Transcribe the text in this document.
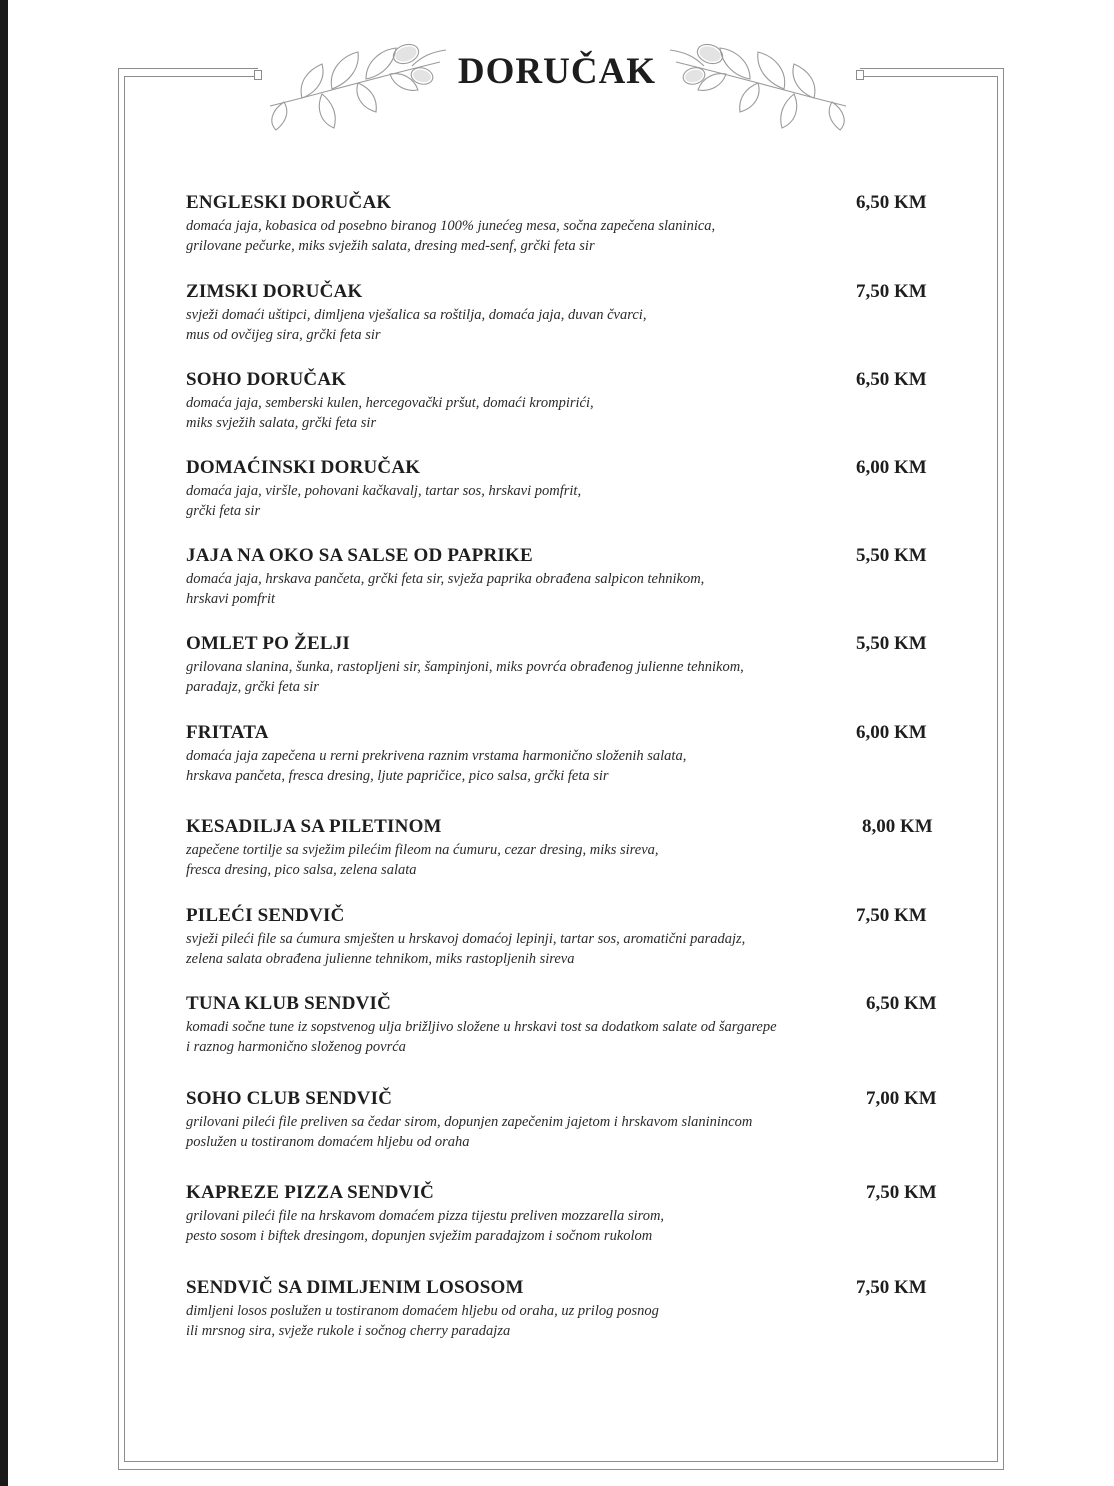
DORUČAK
ENGLESKI DORUČAK	6,50 KM
domaća jaja, kobasica od posebno biranog 100% junećeg mesa, sočna zapečena slaninica,
grilovane pečurke, miks svježih salata, dresing med-senf, grčki feta sir
ZIMSKI DORUČAK	7,50 KM
svježi domaći uštipci, dimljena vješalica sa roštilja, domaća jaja, duvan čvarci,
mus od ovčijeg sira, grčki feta sir
SOHO DORUČAK	6,50 KM
domaća jaja, semberski kulen, hercegovački pršut, domaći krompirići,
miks svježih salata, grčki feta sir
DOMAĆINSKI DORUČAK	6,00 KM
domaća jaja, viršle, pohovani kačkavalj, tartar sos, hrskavi pomfrit,
grčki feta sir
JAJA NA OKO SA SALSE OD PAPRIKE	5,50 KM
domaća jaja, hrskava pančeta, grčki feta sir, svježa paprika obrađena salpicon tehnikom,
hrskavi pomfrit
OMLET PO ŽELJI	5,50 KM
grilovana slanina, šunka, rastopljeni sir, šampinjoni, miks povrća obrađenog julienne tehnikom,
paradajz, grčki feta sir
FRITATA	6,00 KM
domaća jaja zapečena u rerni prekrivena raznim vrstama harmonično složenih salata,
hrskava pančeta, fresca dresing, ljute papričice, pico salsa, grčki feta sir
KESADILJA SA PILETINOM	8,00 KM
zapečene tortilje sa svježim pilećim fileom na ćumuru, cezar dresing, miks sireva,
fresca dresing, pico salsa, zelena salata
PILEĆI SENDVIČ	7,50 KM
svježi pileći file sa ćumura smješten u hrskavoj domaćoj lepinji, tartar sos, aromatični paradajz,
zelena salata obrađena julienne tehnikom, miks rastopljenih sireva
TUNA KLUB SENDVIČ	6,50 KM
komadi sočne tune iz sopstvenog ulja brižljivo složene u hrskavi tost sa dodatkom salate od šargarepe
i raznog harmonično složenog povrća
SOHO CLUB SENDVIČ	7,00 KM
grilovani pileći file preliven sa čedar sirom, dopunjen zapečenim jajetom i hrskavom slaninincom
poslužen u tostiranom domaćem hljebu od oraha
KAPREZE PIZZA SENDVIČ	7,50 KM
grilovani pileći file na hrskavom domaćem pizza tijestu preliven mozzarella sirom,
pesto sosom i biftek dresingom, dopunjen svježim paradajzom i sočnom rukolom
SENDVIČ SA DIMLJENIM LOSOSOM	7,50 KM
dimljeni losos poslužen u tostiranom domaćem hljebu od oraha, uz prilog posnog
ili mrsnog sira, svježe rukole i sočnog cherry paradajza
